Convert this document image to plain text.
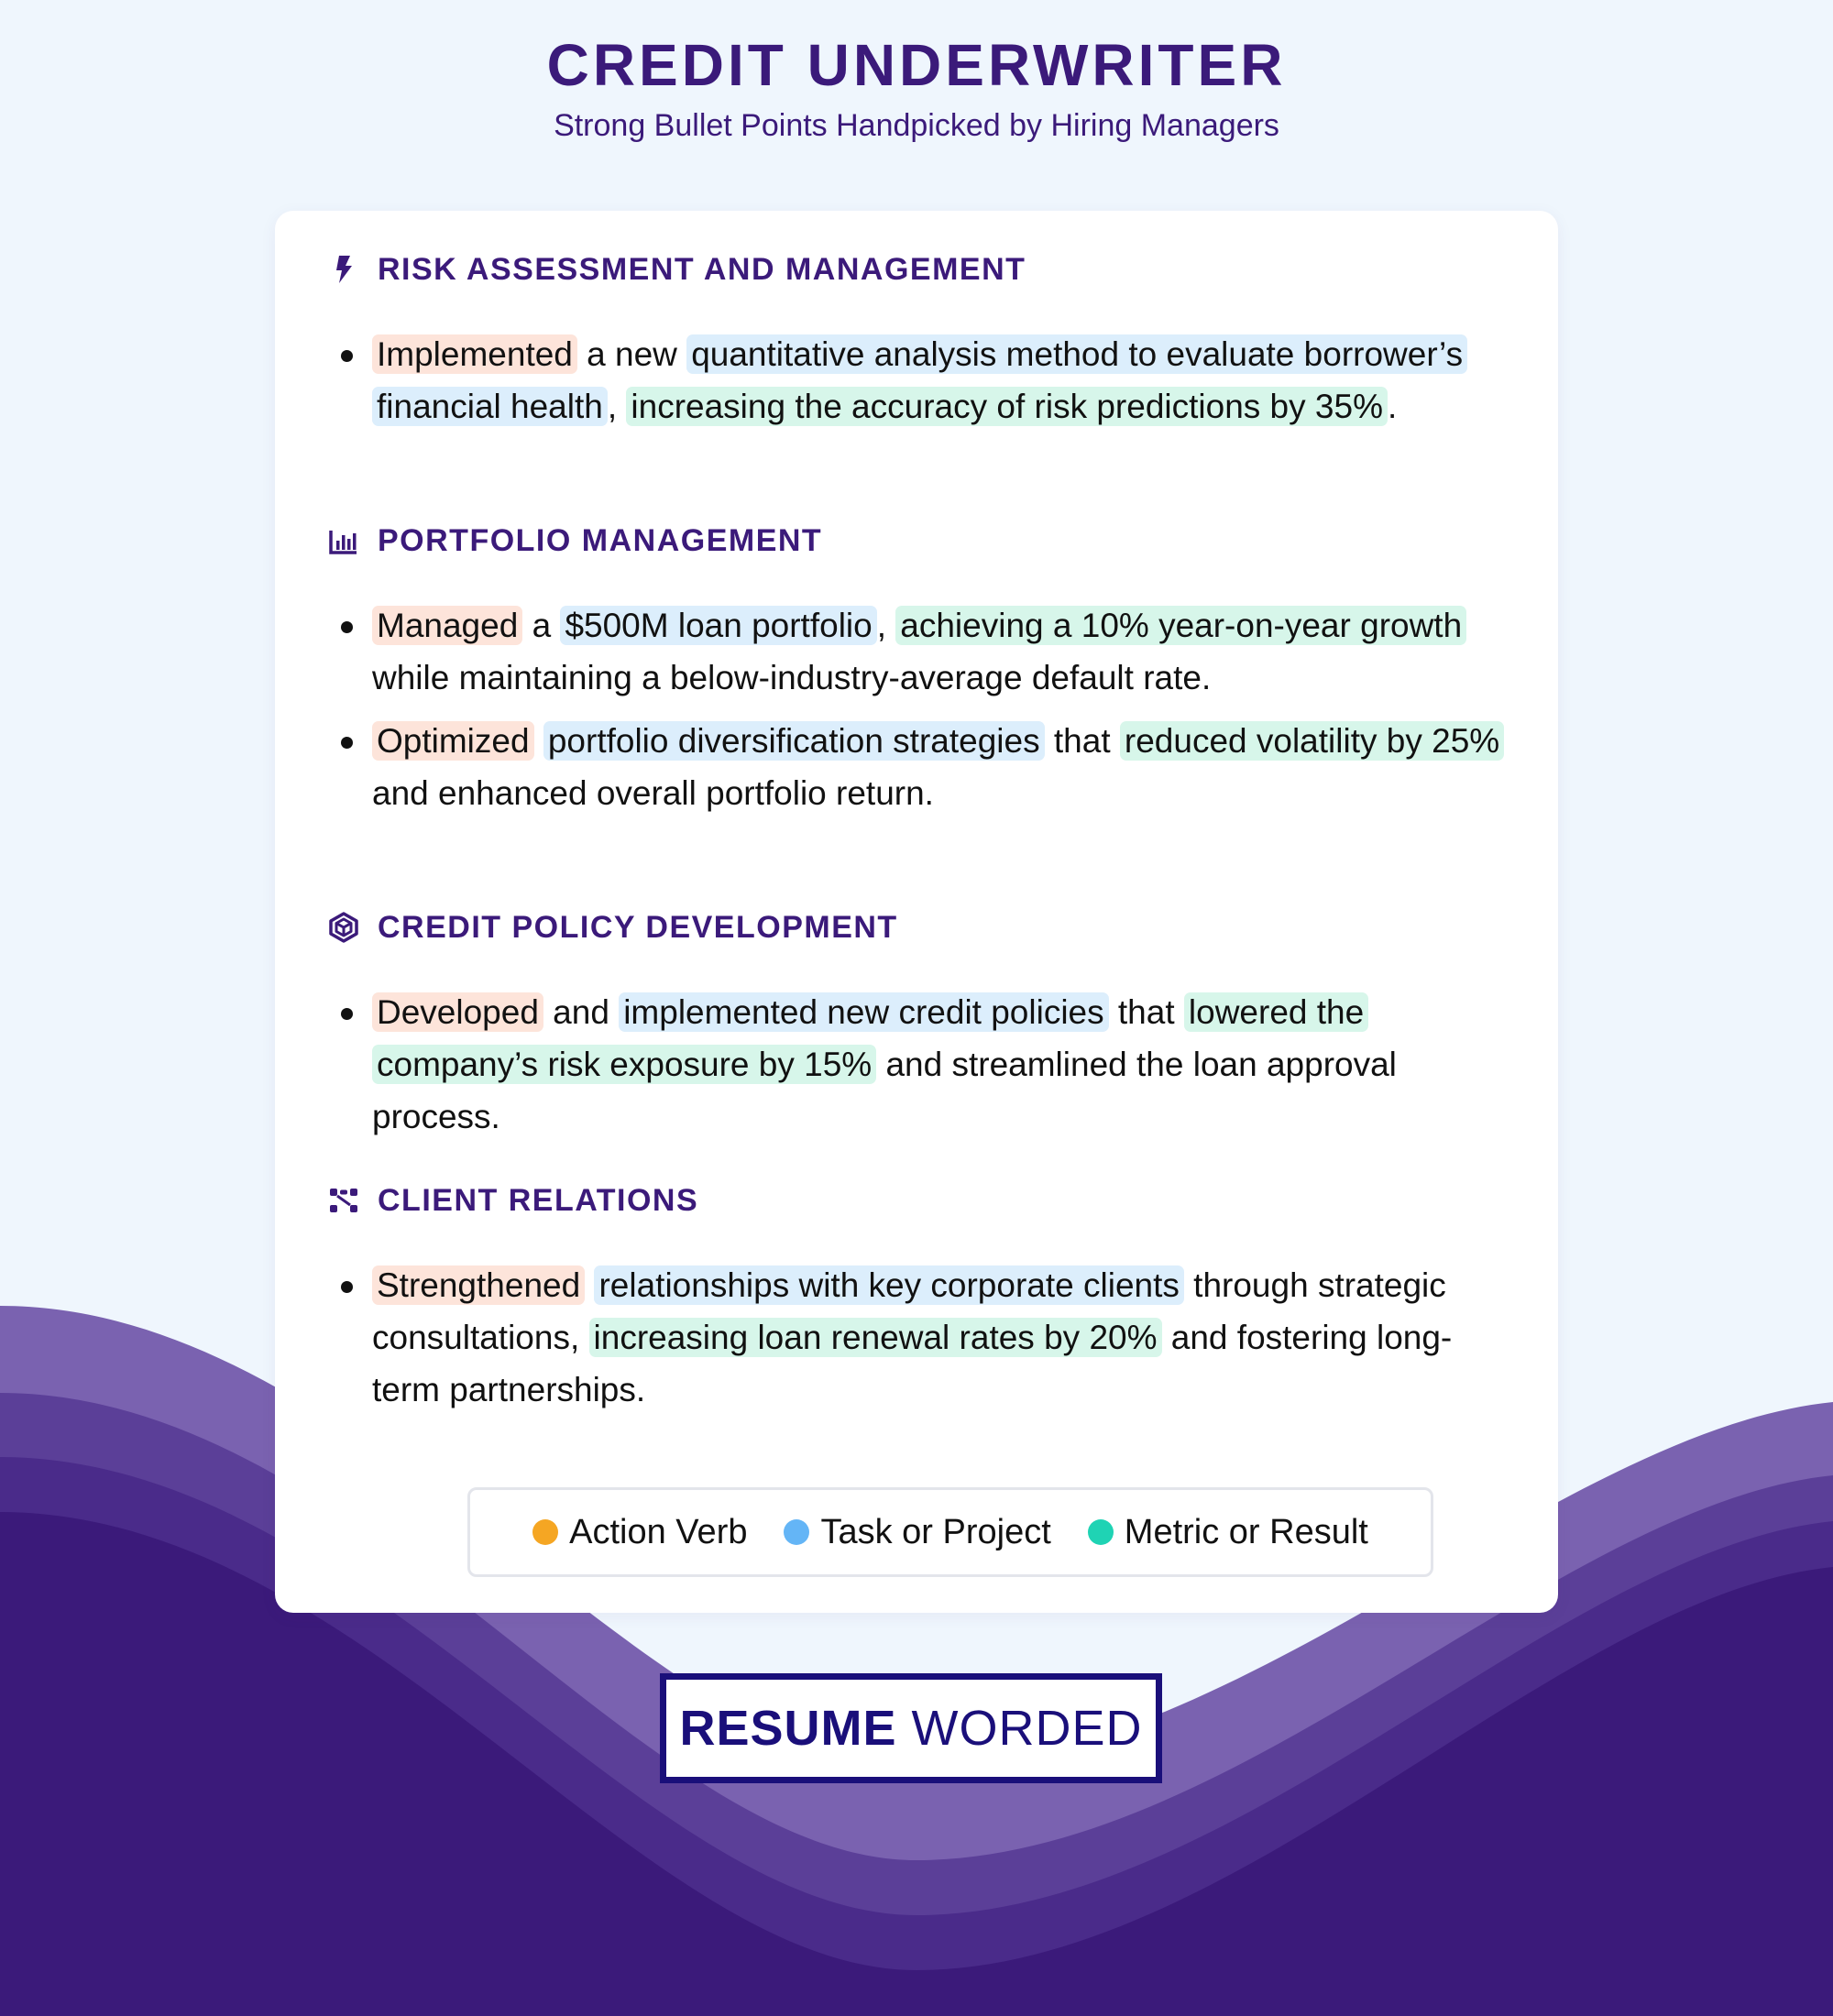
CREDIT UNDERWRITER

Strong Bullet Points Handpicked by Hiring Managers

RISK ASSESSMENT AND MANAGEMENT
Implemented a new quantitative analysis method to evaluate borrower’s financial health , increasing the accuracy of risk predictions by 35% .
PORTFOLIO MANAGEMENT
Managed a $500M loan portfolio , achieving a 10% year-on-year growth while maintaining a below-industry-average default rate.
Optimized portfolio diversification strategies that reduced volatility by 25% and enhanced overall portfolio return.
CREDIT POLICY DEVELOPMENT
Developed and implemented new credit policies that lowered the company’s risk exposure by 15% and streamlined the loan approval process.
CLIENT RELATIONS
Strengthened relationships with key corporate clients through strategic consultations, increasing loan renewal rates by 20% and fostering long-term partnerships.
Action Verb Task or Project Metric or Result
RESUME WORDED
